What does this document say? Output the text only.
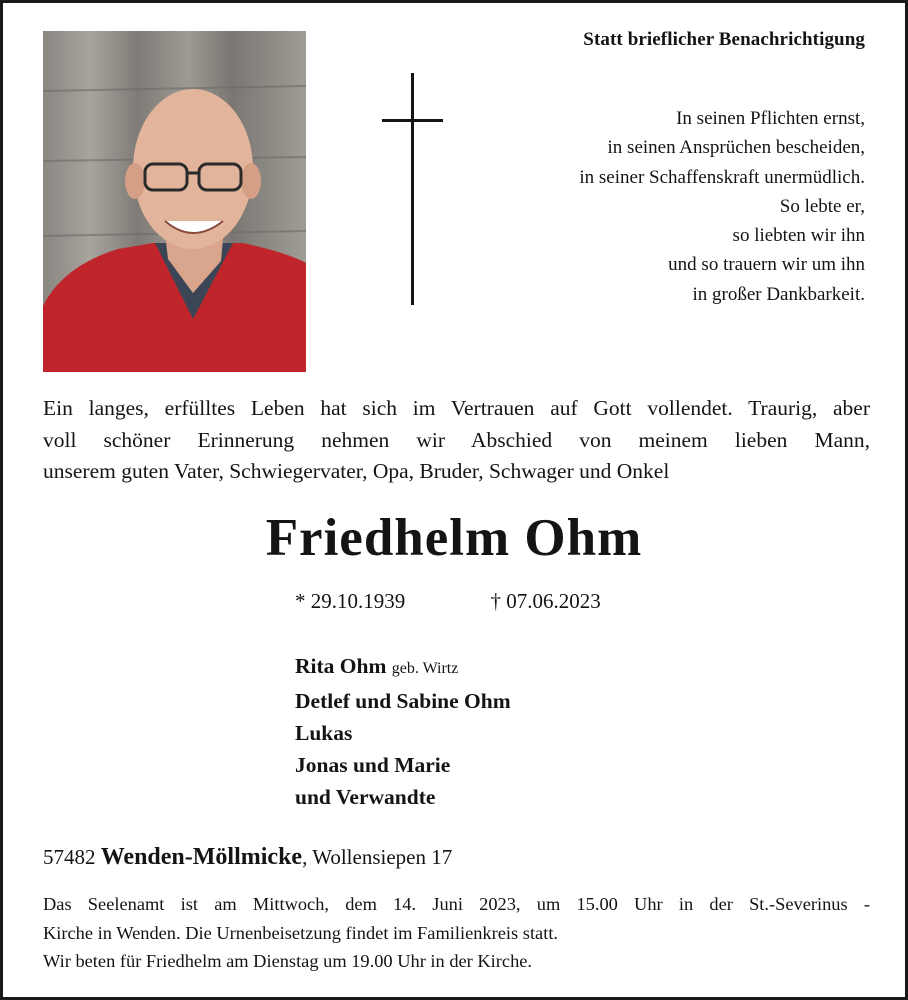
Statt brieflicher Benachrichtigung
In seinen Pflichten ernst,
in seinen Ansprüchen bescheiden,
in seiner Schaffenskraft unermüdlich.
So lebte er,
so liebten wir ihn
und so trauern wir um ihn
in großer Dankbarkeit.
Ein langes, erfülltes Leben hat sich im Vertrauen auf Gott vollendet. Traurig, aber
voll schöner Erinnerung nehmen wir Abschied von meinem lieben Mann,
unserem guten Vater, Schwiegervater, Opa, Bruder, Schwager und Onkel
Friedhelm Ohm
* 29.10.1939	† 07.06.2023
Rita Ohm geb. Wirtz
Detlef und Sabine Ohm
Lukas
Jonas und Marie
und Verwandte
57482 Wenden-Möllmicke, Wollensiepen 17
Das Seelenamt ist am Mittwoch, dem 14. Juni 2023, um 15.00 Uhr in der St.-Severinus -
Kirche in Wenden. Die Urnenbeisetzung findet im Familienkreis statt.
Wir beten für Friedhelm am Dienstag um 19.00 Uhr in der Kirche.
